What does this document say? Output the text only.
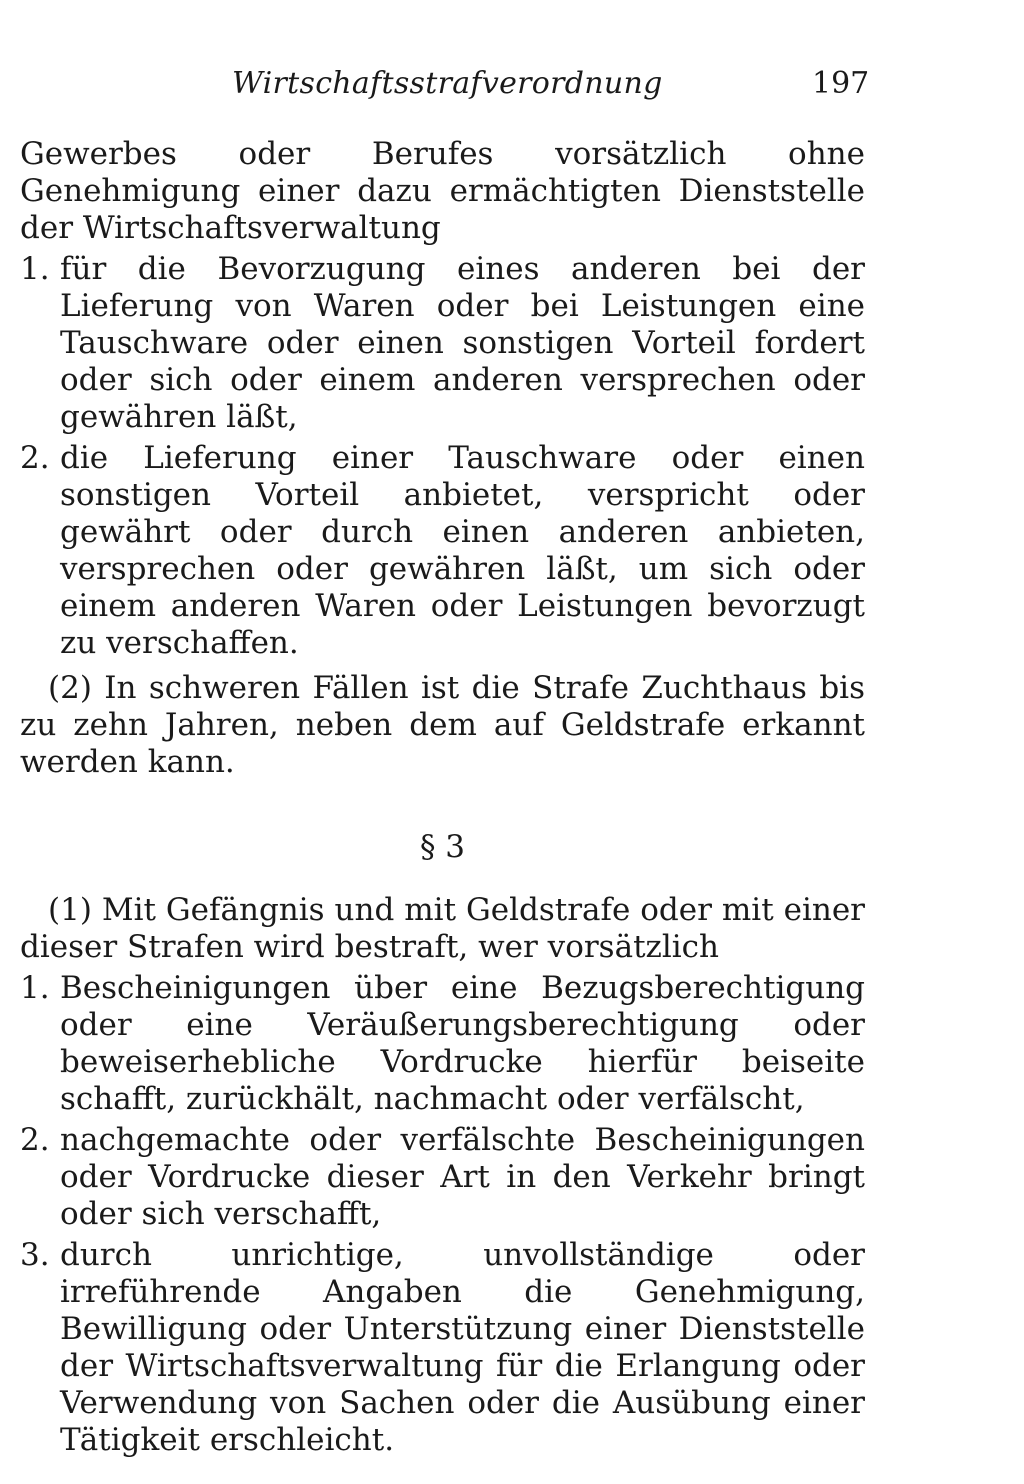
Wirtschaftsstrafverordnung	197

Gewerbes oder Berufes vorsätzlich ohne Genehmigung einer dazu ermächtigten Dienststelle der Wirtschaftsverwaltung

1. für die Bevorzugung eines anderen bei der Lieferung von Waren oder bei Leistungen eine Tauschware oder einen sonstigen Vorteil fordert oder sich oder einem anderen versprechen oder gewähren läßt,
2. die Lieferung einer Tauschware oder einen sonstigen Vorteil anbietet, verspricht oder gewährt oder durch einen anderen anbieten, versprechen oder gewähren läßt, um sich oder einem anderen Waren oder Leistungen bevorzugt zu verschaffen.

(2) In schweren Fällen ist die Strafe Zuchthaus bis zu zehn Jahren, neben dem auf Geldstrafe erkannt werden kann.

§ 3

(1) Mit Gefängnis und mit Geldstrafe oder mit einer dieser Strafen wird bestraft, wer vorsätzlich

1. Bescheinigungen über eine Bezugsberechtigung oder eine Veräußerungsberechtigung oder beweiserhebliche Vordrucke hierfür beiseite schafft, zurückhält, nachmacht oder verfälscht,
2. nachgemachte oder verfälschte Bescheinigungen oder Vordrucke dieser Art in den Verkehr bringt oder sich verschafft,
3. durch unrichtige, unvollständige oder irreführende Angaben die Genehmigung, Bewilligung oder Unterstützung einer Dienststelle der Wirtschaftsverwaltung für die Erlangung oder Verwendung von Sachen oder die Ausübung einer Tätigkeit erschleicht.
